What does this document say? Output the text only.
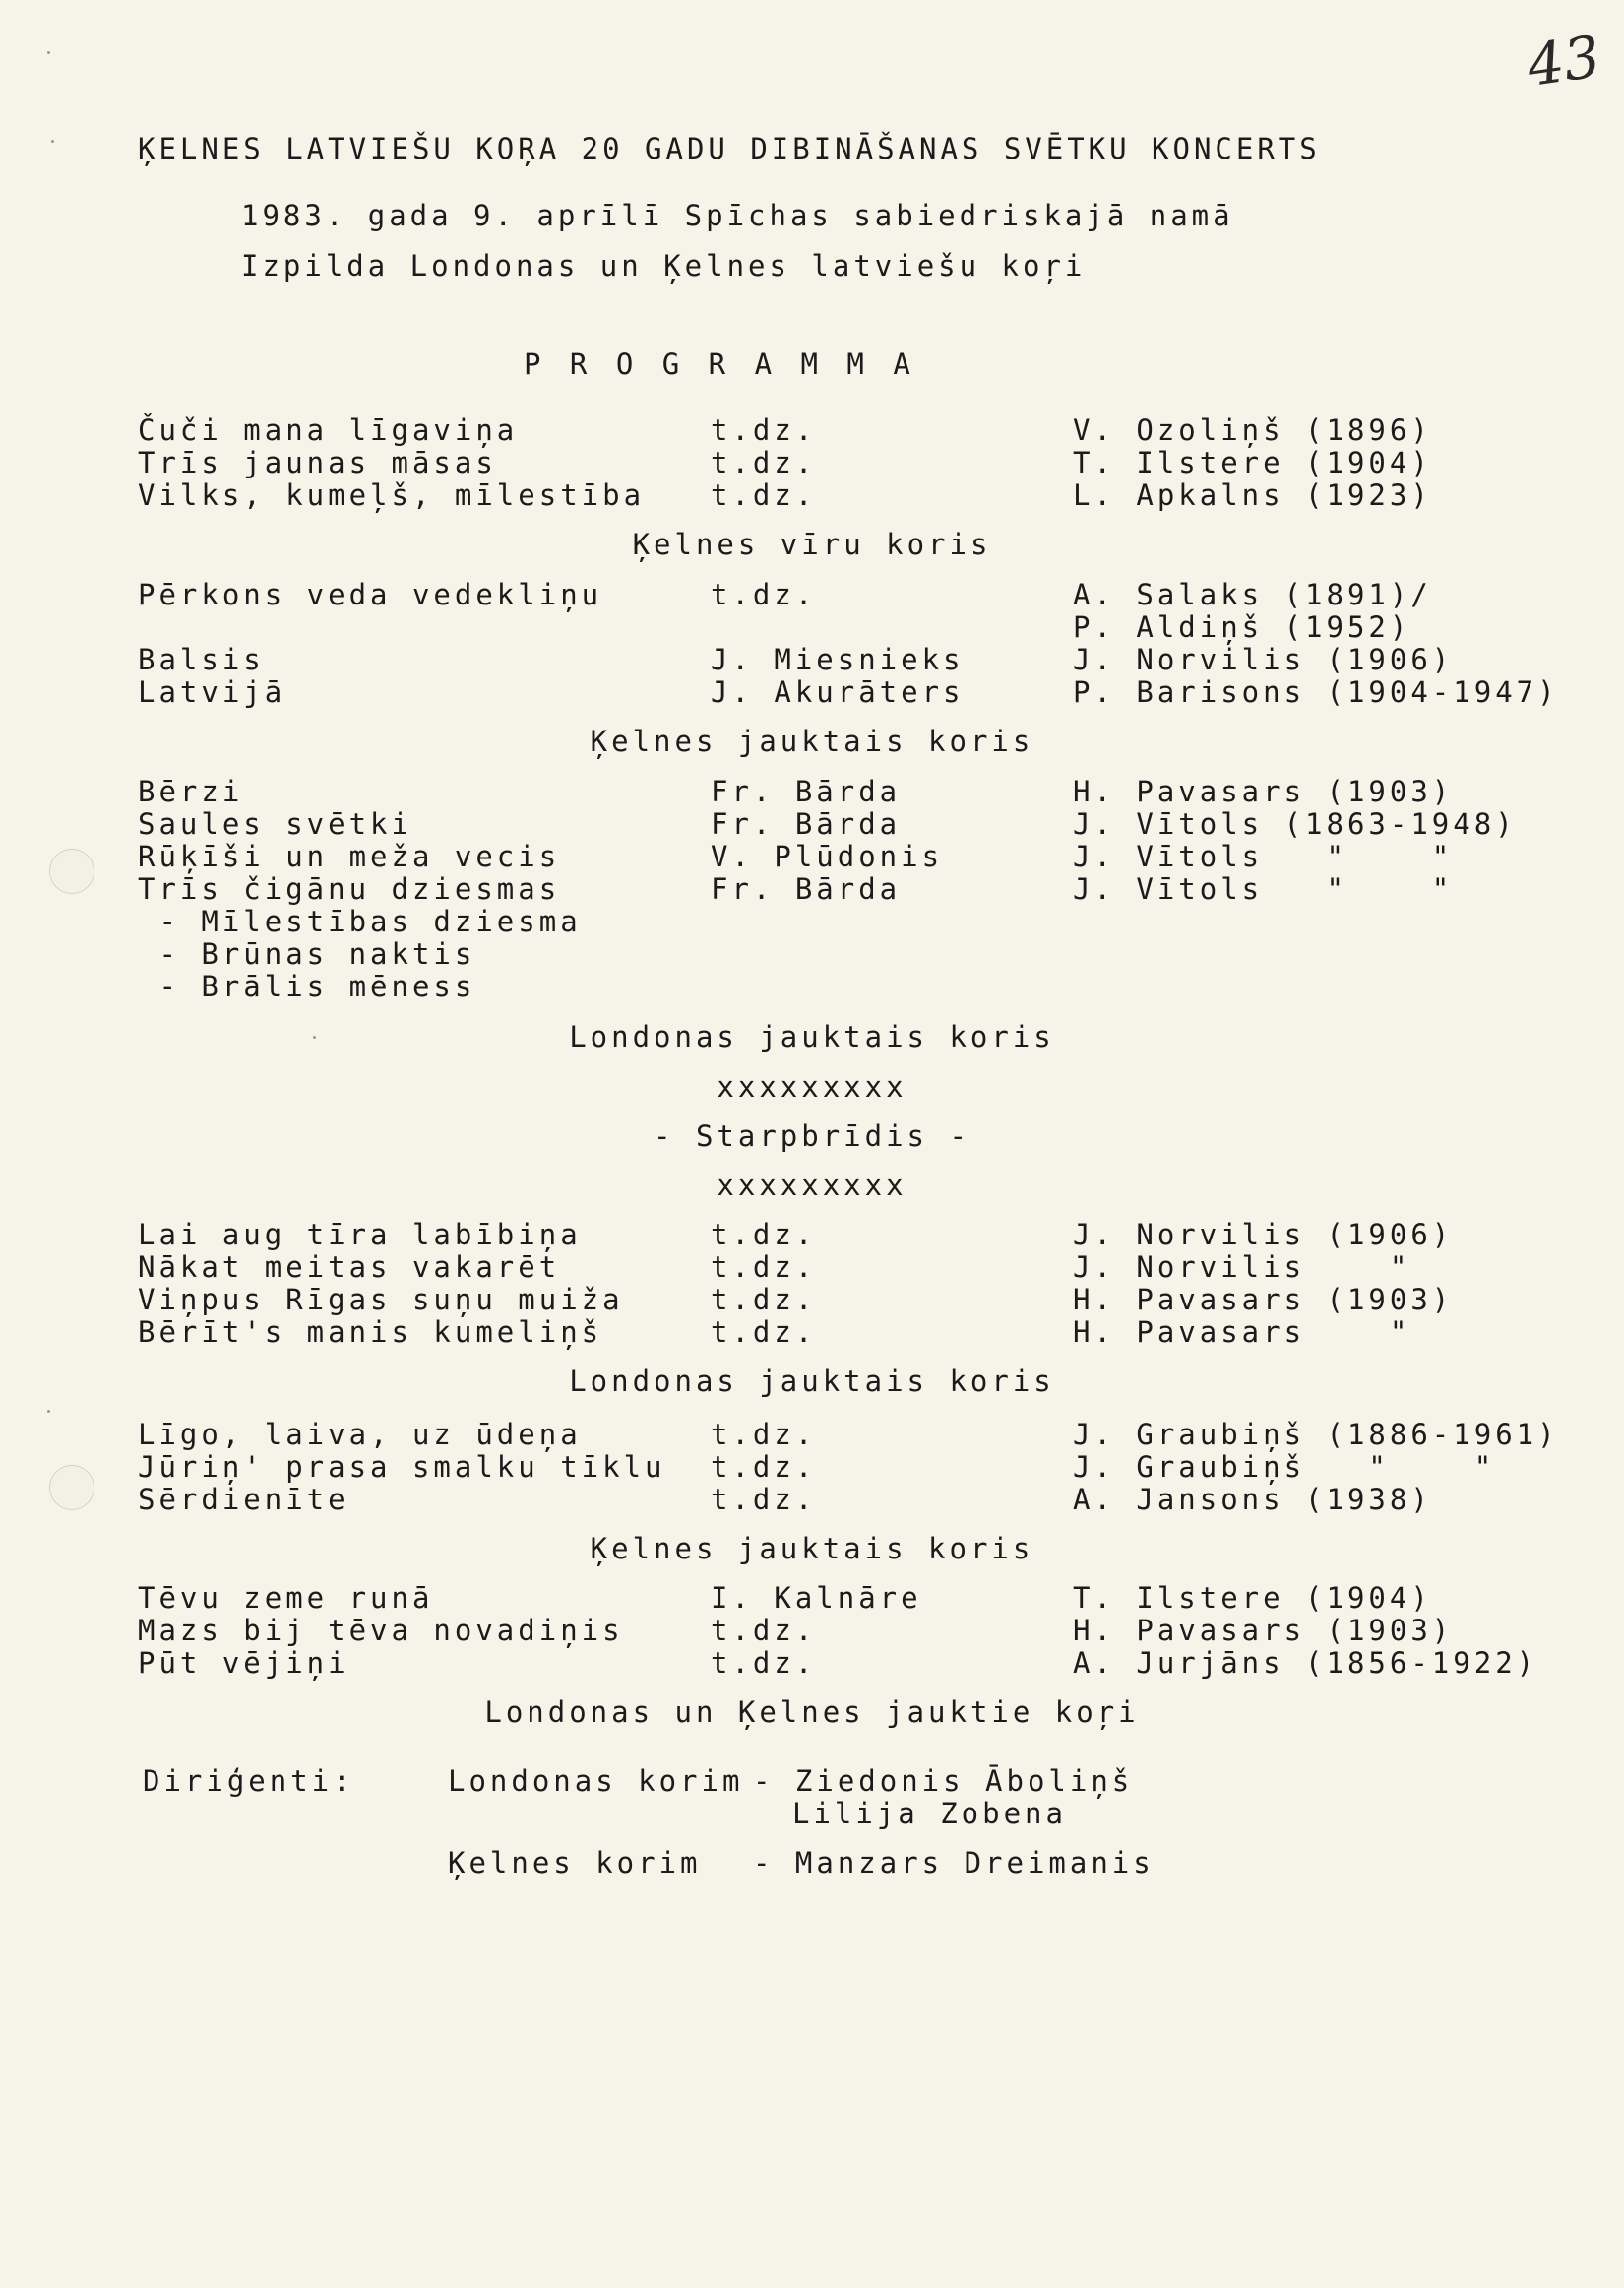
43
ĶELNES LATVIEŠU KOŖA 20 GADU DIBINĀŠANAS SVĒTKU KONCERTS
1983. gada 9. aprīlī Spīchas sabiedriskajā namā
Izpilda Londonas un Ķelnes latviešu koŗi
P R O G R A M M A
Čuči mana līgaviņa	t.dz.	V. Ozoliņš (1896)
Trīs jaunas māsas	t.dz.	T. Ilstere (1904)
Vilks, kumeļš, mīlestība t.dz.	L. Apkalns (1923)
Ķelnes vīru koris
Pērkons veda vedekliņu	t.dz.	A. Salaks (1891)/
P. Aldiņš (1952)
Balsis	J. Miesnieks	J. Norvilis (1906)
Latvijā	J. Akurāters	P. Barisons (1904-1947)
Ķelnes jauktais koris
Bērzi	Fr. Bārda	H. Pavasars (1903)
Saules svētki	Fr. Bārda	J. Vītols (1863-1948)
Rūķīši un meža vecis	V. Plūdonis	J. Vītols   "    "
Trīs čigānu dziesmas	Fr. Bārda	J. Vītols   "    "
- Mīlestības dziesma
- Brūnas naktis
- Brālis mēness
Londonas jauktais koris
xxxxxxxxx
- Starpbrīdis -
xxxxxxxxx
Lai aug tīra labībiņa	t.dz.	J. Norvilis (1906)
Nākat meitas vakarēt	t.dz.	J. Norvilis    "
Viņpus Rīgas suņu muiža	t.dz.	H. Pavasars (1903)
Bērīt's manis kumeliņš	t.dz.	H. Pavasars    "
Londonas jauktais koris
Līgo, laiva, uz ūdeņa	t.dz.	J. Graubiņš (1886-1961)
Jūriņ' prasa smalku tīklu t.dz.	J. Graubiņš   "    "
Sērdienīte	t.dz.	A. Jansons (1938)
Ķelnes jauktais koris
Tēvu zeme runā	I. Kalnāre	T. Ilstere (1904)
Mazs bij tēva novadiņis	t.dz.	H. Pavasars (1903)
Pūt vējiņi	t.dz.	A. Jurjāns (1856-1922)
Londonas un Ķelnes jauktie koŗi
Diriģenti:	Londonas korim - Ziedonis Āboliņš
Lilija Zobena
Ķelnes korim - Manzars Dreimanis
